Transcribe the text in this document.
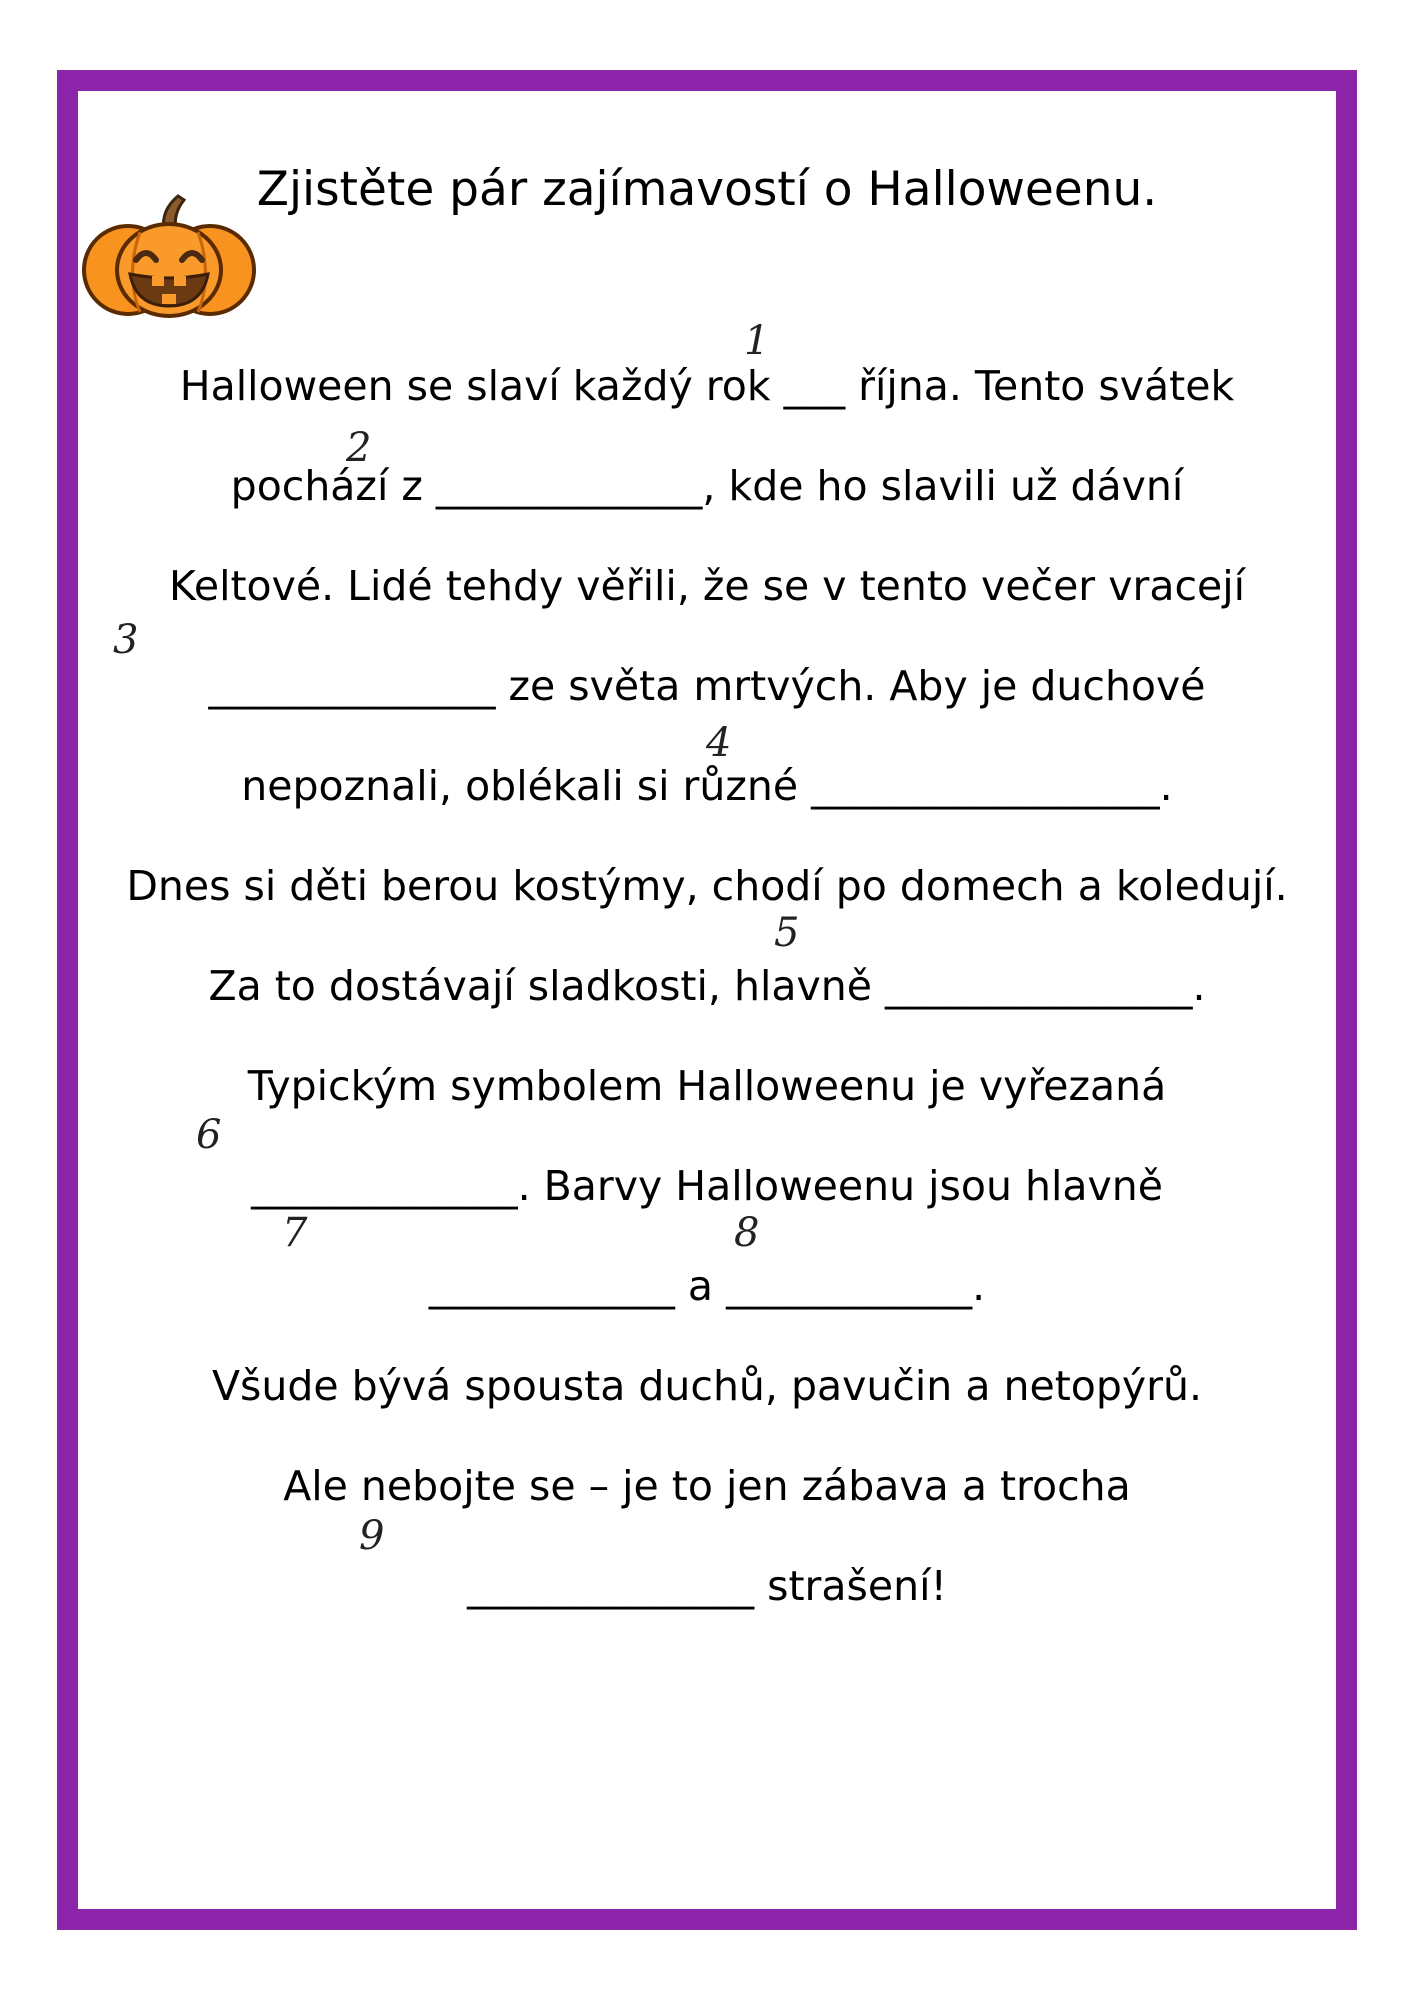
Zjistěte pár zajímavostí o Halloweenu.
Halloween se slaví každý rok ___ října. Tento svátek
pochází z _____________, kde ho slavili už dávní
Keltové. Lidé tehdy věřili, že se v tento večer vracejí
______________ ze světa mrtvých. Aby je duchové
nepoznali, oblékali si různé _________________.
Dnes si děti berou kostýmy, chodí po domech a koledují.
Za to dostávají sladkosti, hlavně _______________.
Typickým symbolem Halloweenu je vyřezaná
_____________. Barvy Halloweenu jsou hlavně
____________ a ____________.
Všude bývá spousta duchů, pavučin a netopýrů.
Ale nebojte se – je to jen zábava a trocha
______________ strašení!
1
2
3
4
5
6
7	8
9
